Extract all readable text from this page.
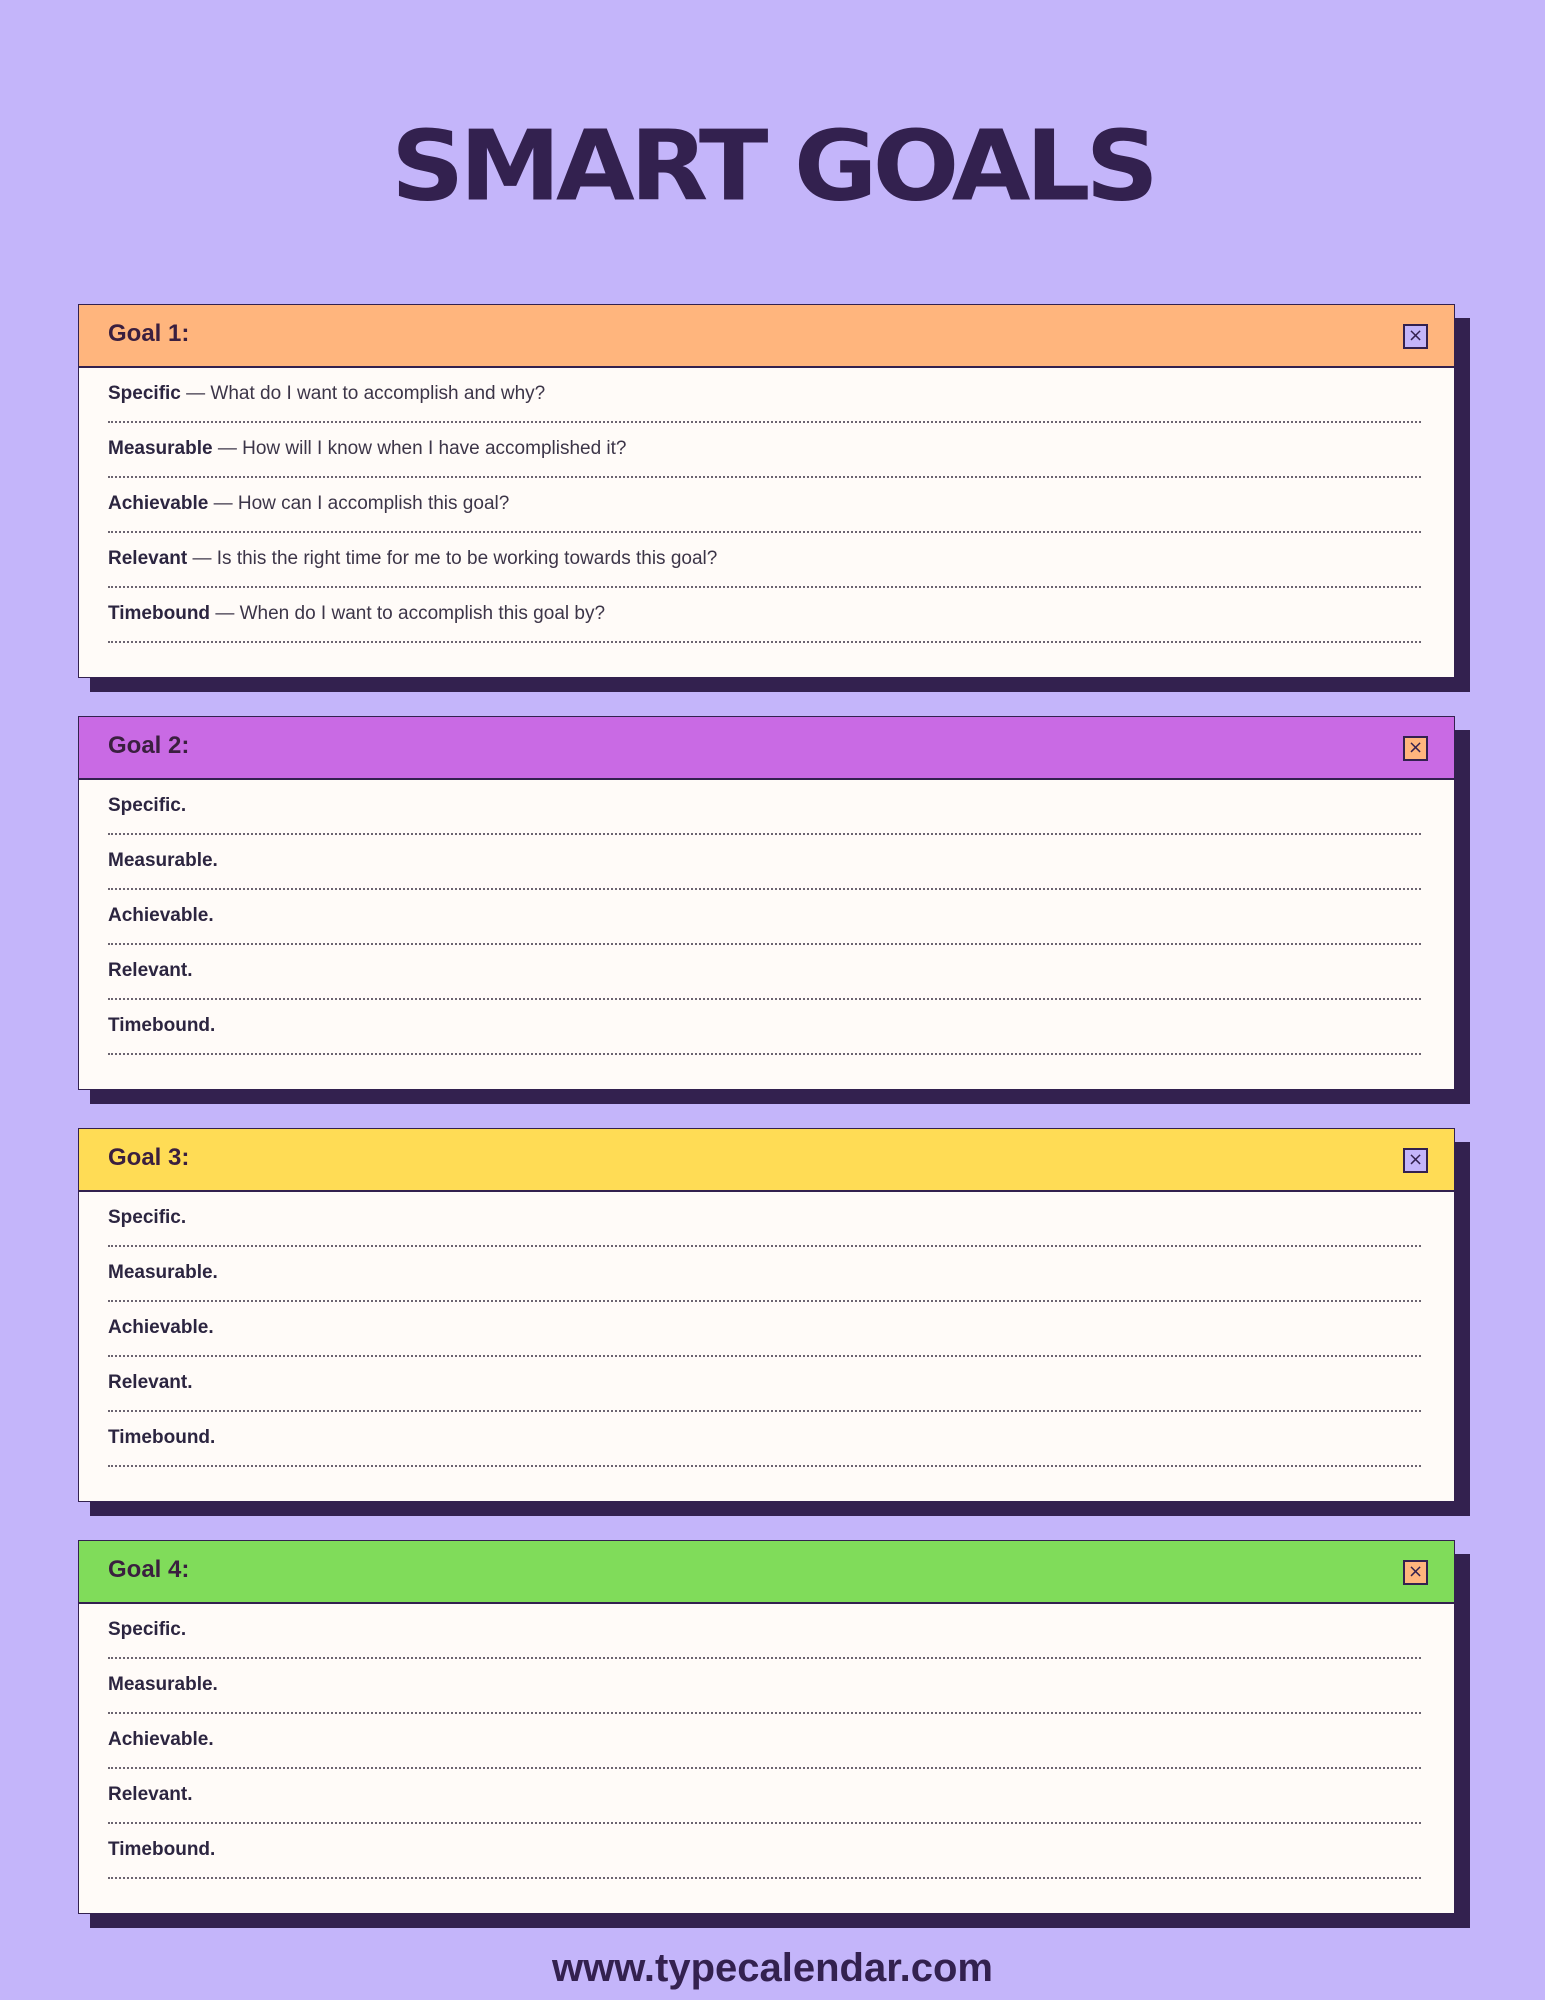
SMART GOALS
Goal 1:	×
Specific — What do I want to accomplish and why?
Measurable — How will I know when I have accomplished it?
Achievable — How can I accomplish this goal?
Relevant — Is this the right time for me to be working towards this goal?
Timebound — When do I want to accomplish this goal by?
Goal 2:	×
Specific.
Measurable.
Achievable.
Relevant.
Timebound.
Goal 3:	×
Specific.
Measurable.
Achievable.
Relevant.
Timebound.
Goal 4:	×
Specific.
Measurable.
Achievable.
Relevant.
Timebound.
www.typecalendar.com
